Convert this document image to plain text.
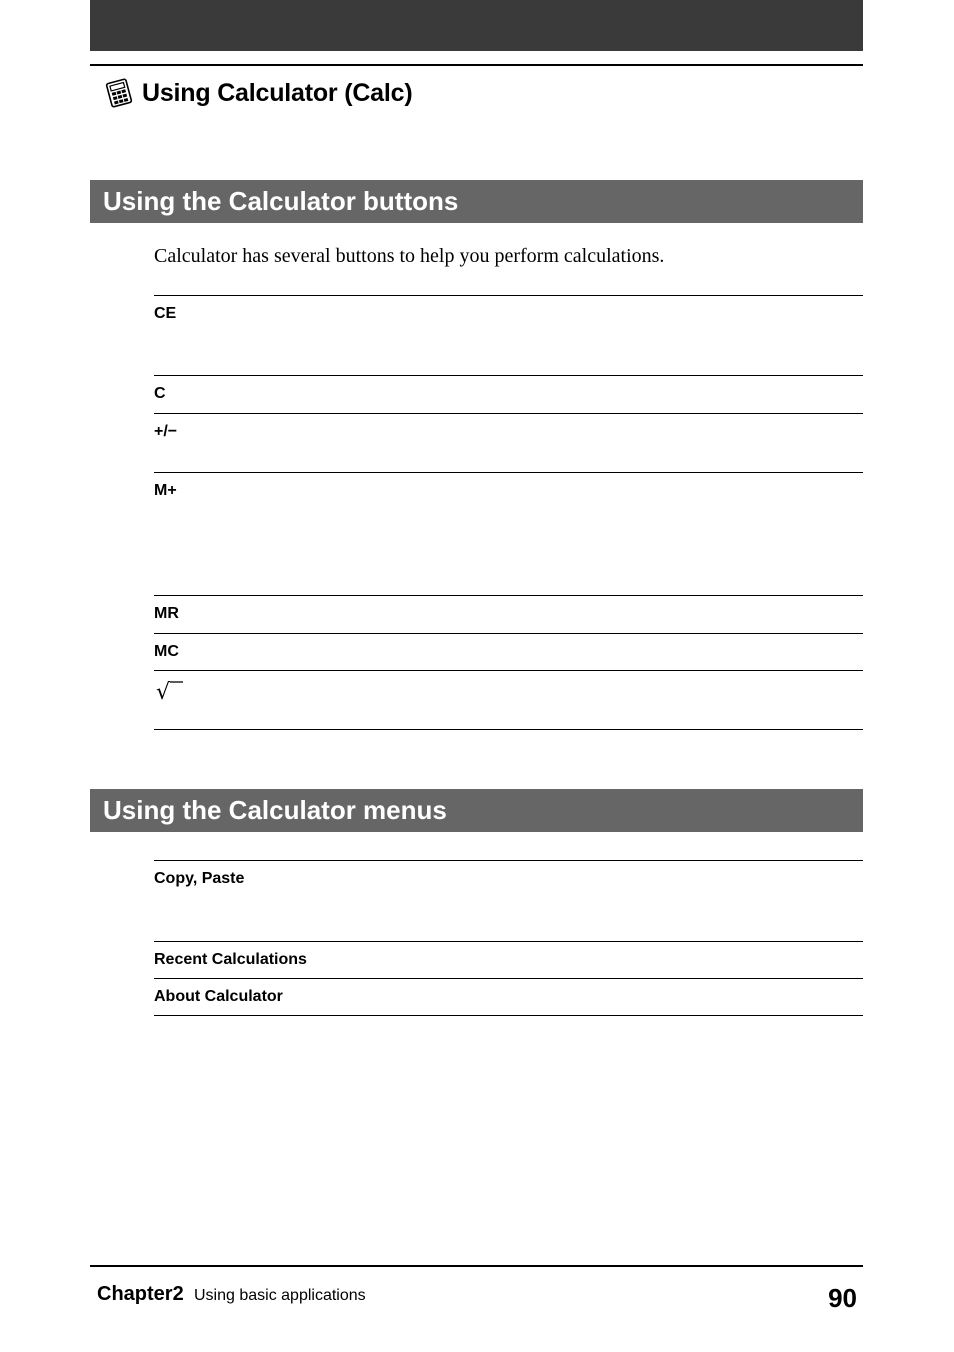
Using Calculator (Calc)
Using the Calculator buttons
Calculator has several buttons to help you perform calculations.
CE
C
+/−
M+
MR
MC
√
Using the Calculator menus
Copy, Paste
Recent Calculations
About Calculator
Chapter2 Using basic applications	90
